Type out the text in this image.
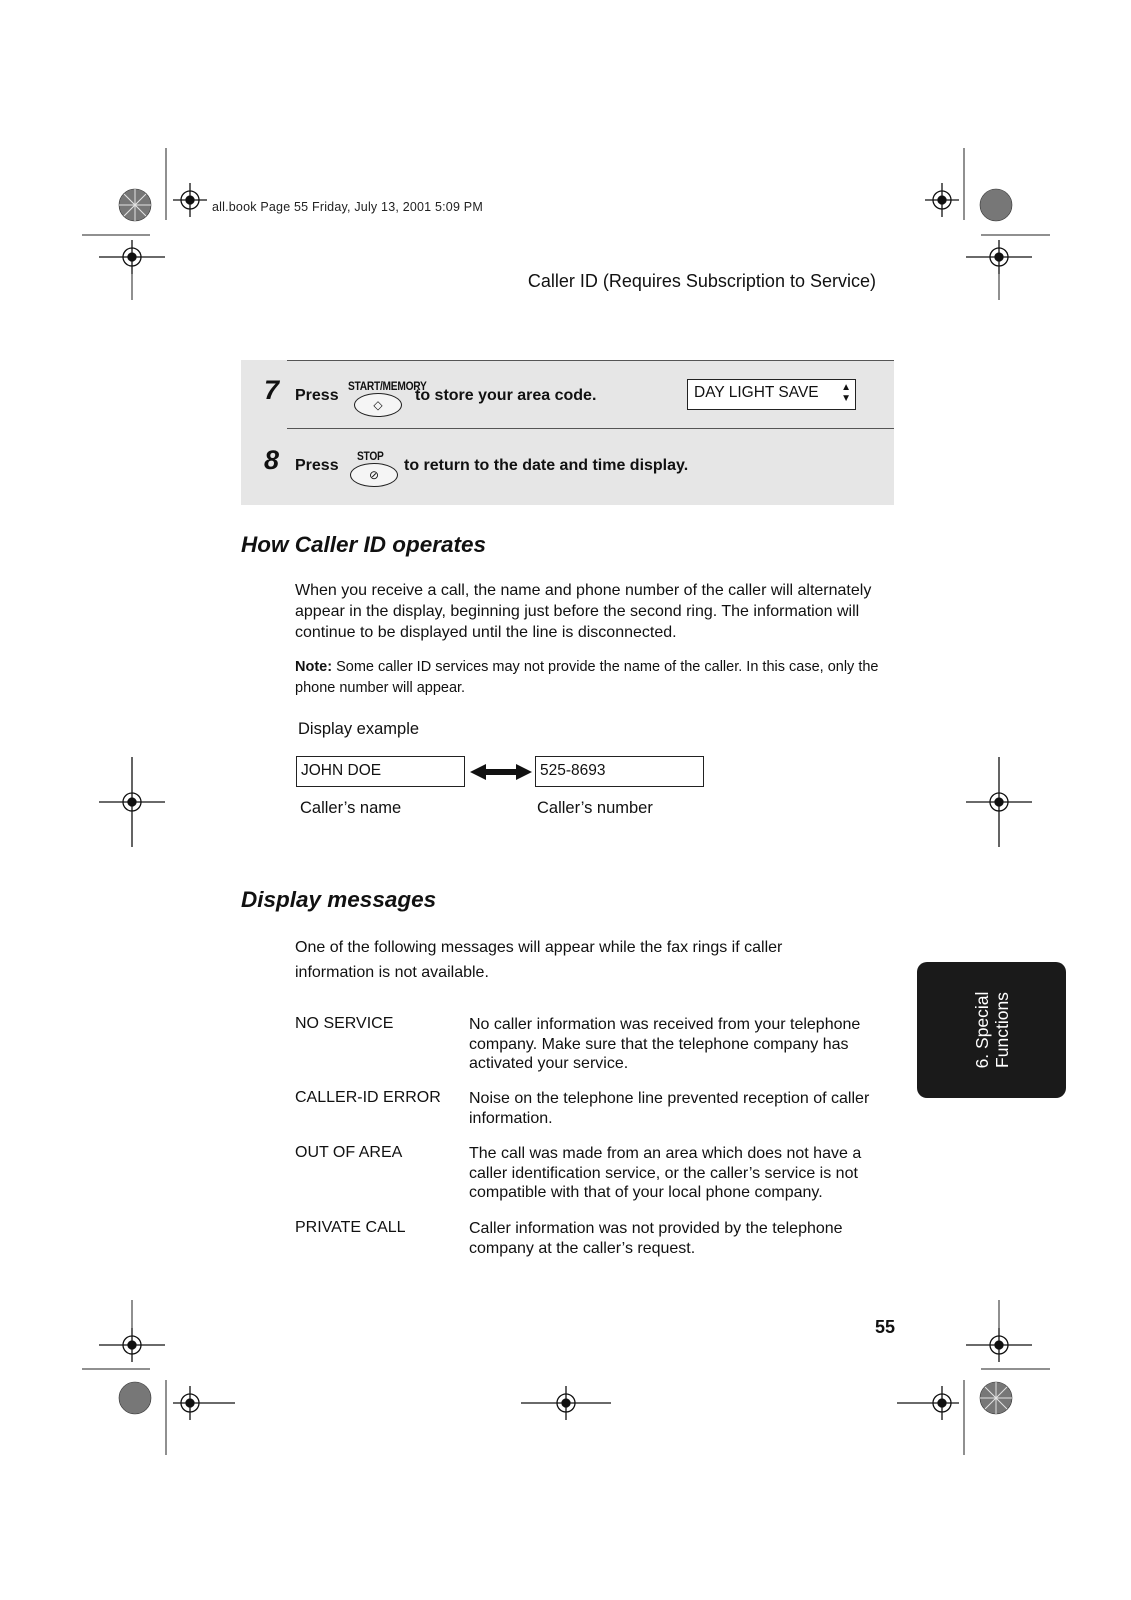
all.book Page 55 Friday, July 13, 2001 5:09 PM
Caller ID (Requires Subscription to Service)
7 Press
START/MEMORY
◇
to store your area code.	DAY LIGHT SAVE ▲
▼
8 Press
STOP
⊘
to return to the date and time display.
How Caller ID operates
When you receive a call, the name and phone number of the caller will alternately appear in the display, beginning just before the second ring. The information will continue to be displayed until the line is disconnected.
Note: Some caller ID services may not provide the name of the caller. In this case, only the phone number will appear.
Display example
JOHN DOE	525-8693
Caller’s name	Caller’s number
Display messages
One of the following messages will appear while the fax rings if caller information is not available.
NO SERVICE	No caller information was received from your telephone company. Make sure that the telephone company has activated your service.
CALLER-ID ERROR Noise on the telephone line prevented reception of caller information.
OUT OF AREA	The call was made from an area which does not have a caller identification service, or the caller’s service is not compatible with that of your local phone company.
PRIVATE CALL	Caller information was not provided by the telephone company at the caller’s request.
6. Special Functions
55
